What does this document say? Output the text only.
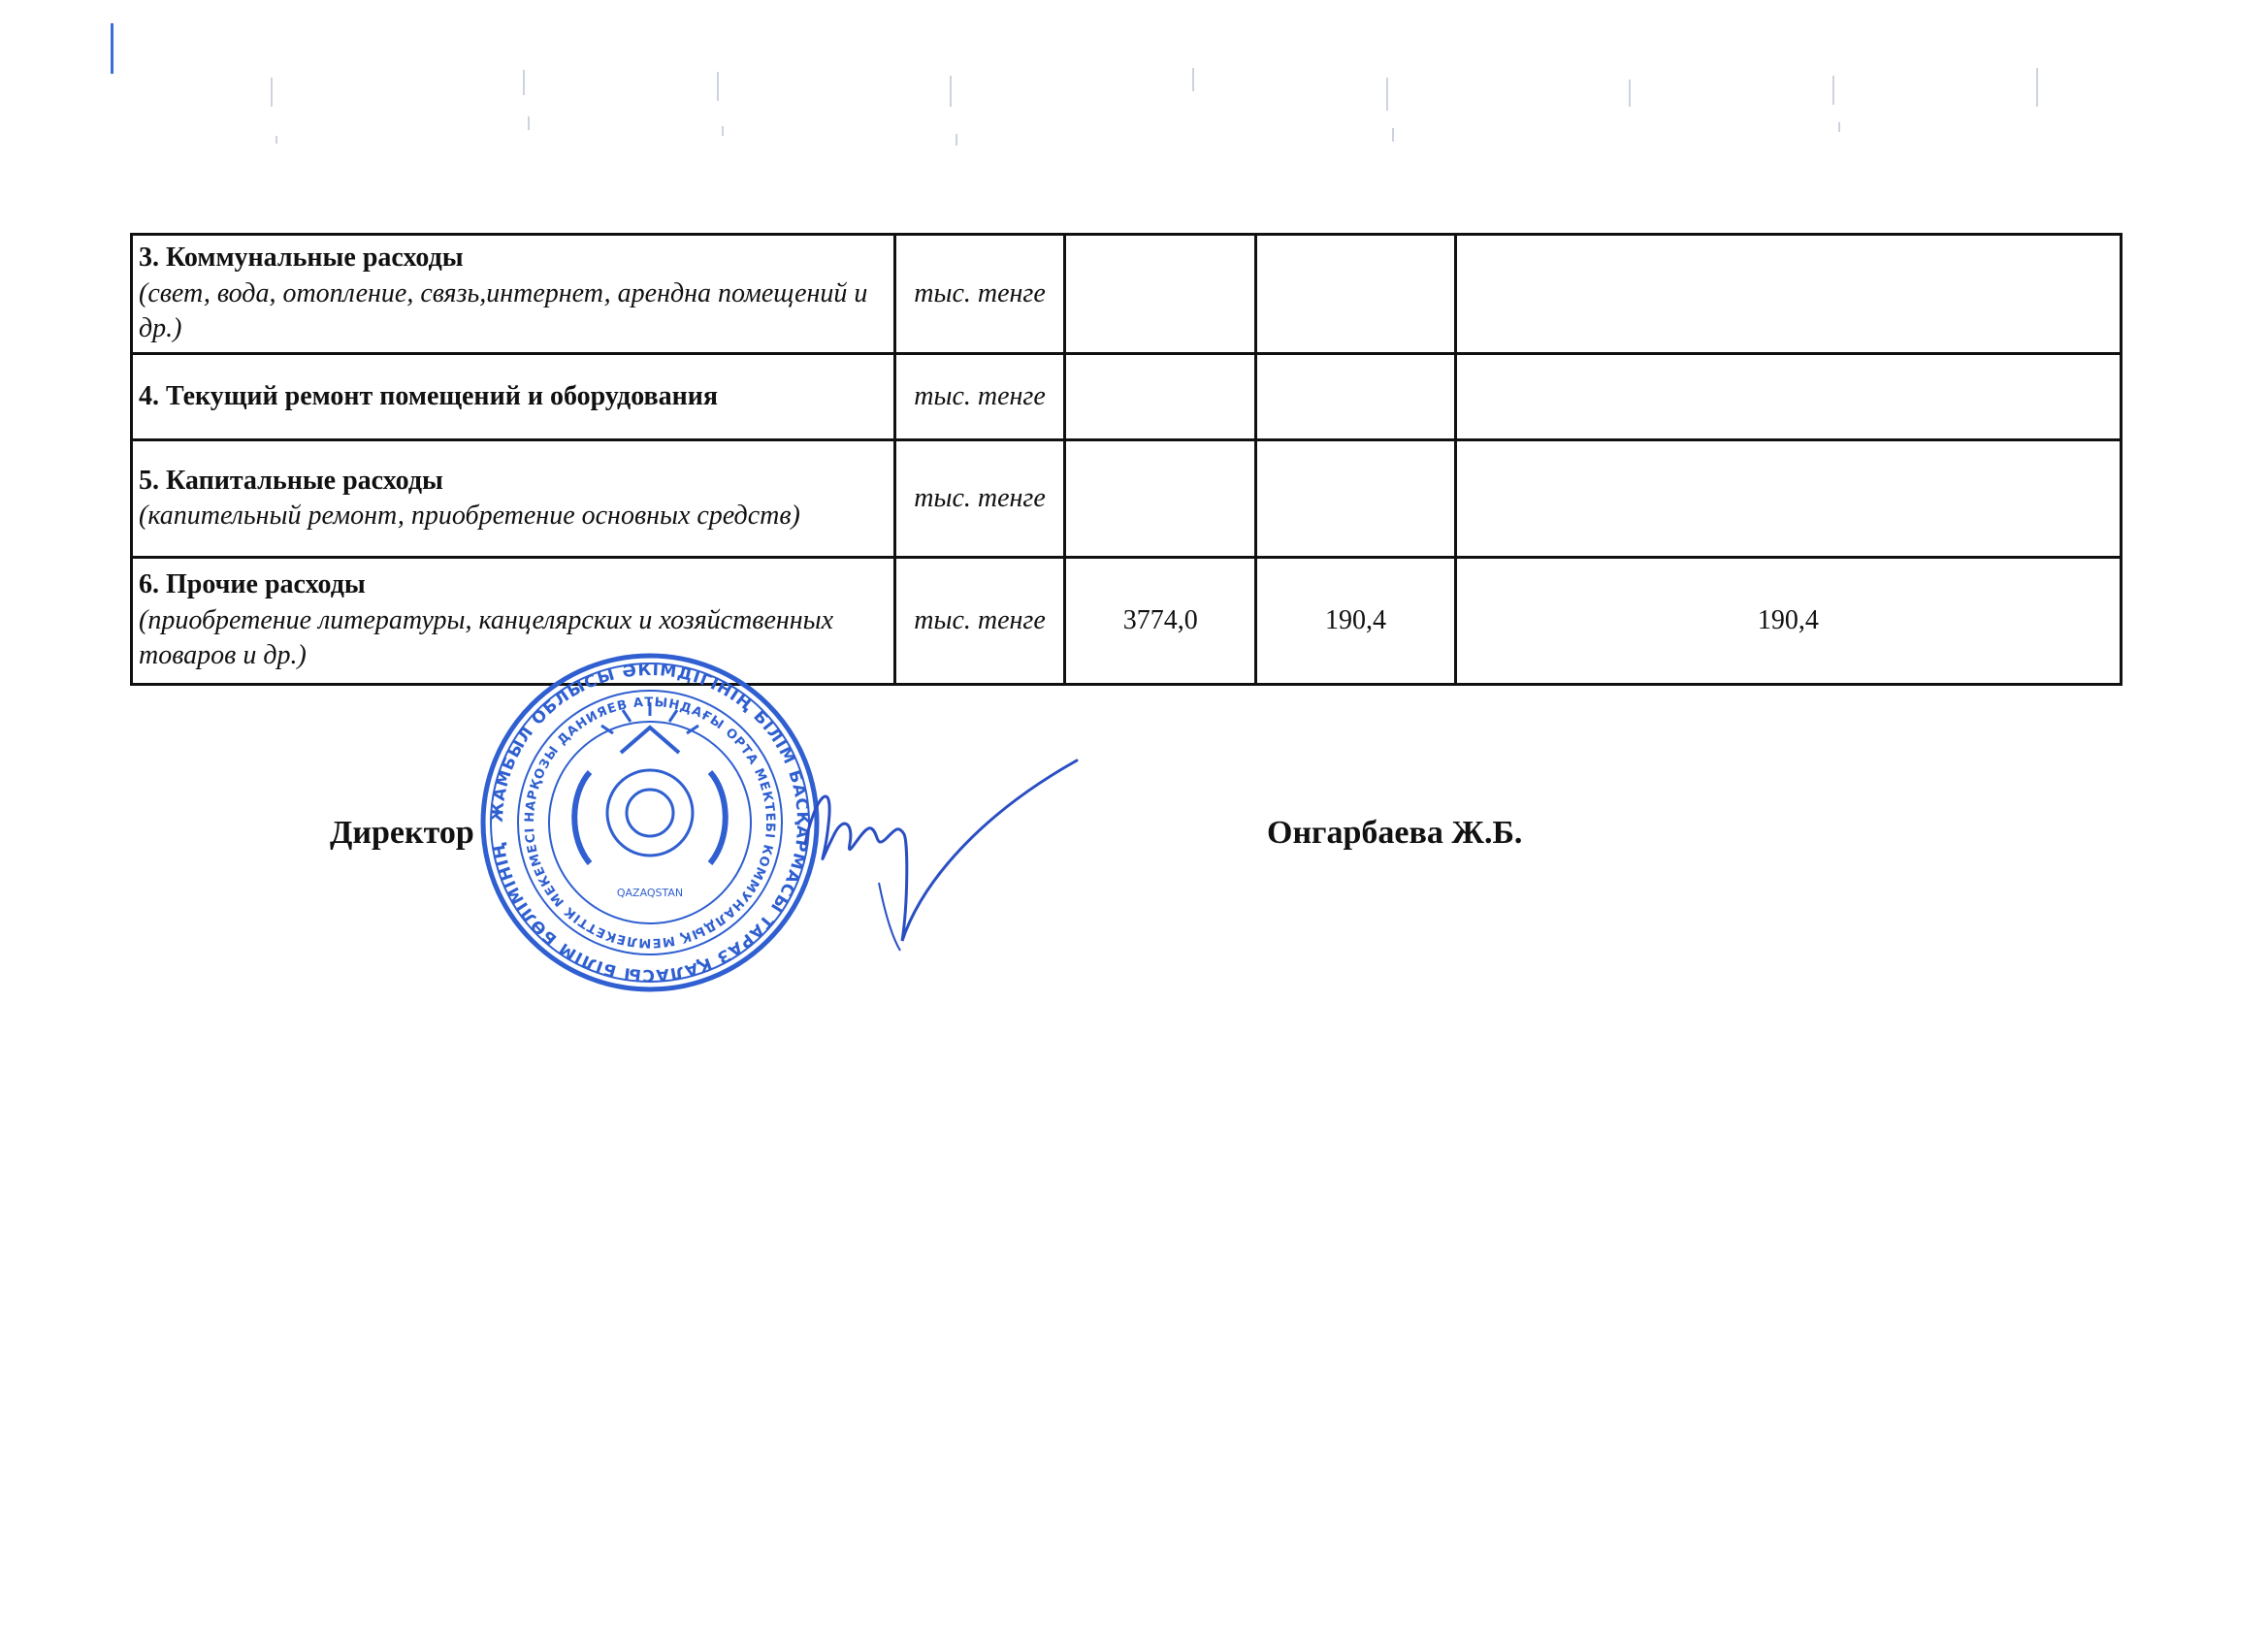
3. Коммунальные расходы
(свет, вода, отопление, связь,интернет, арендна помещений и др.)	тыс. тенге			

4. Текущий ремонт помещений и оборудования	тыс. тенге			

5. Капитальные расходы
(капительный ремонт, приобретение основных средств)	тыс. тенге			

6. Прочие расходы
(приобретение литературы, канцелярских и хозяйственных товаров и др.)	тыс. тенге	3774,0	190,4	190,4
Директор	Онгарбаева Ж.Б.
ЖАМБЫЛ ОБЛЫСЫ ӘКІМДІГІНІҢ БІЛІМ БАСҚАРМАСЫ ТАРАЗ ҚАЛАСЫ БІЛІМ БӨЛІМІНІҢ
НАРҚОЗЫ ДАНИЯЕВ АТЫНДАҒЫ ОРТА МЕКТЕБІ КОММУНАЛДЫҚ МЕМЛЕКЕТТІК МЕКЕМЕСІ
QAZAQSTAN
